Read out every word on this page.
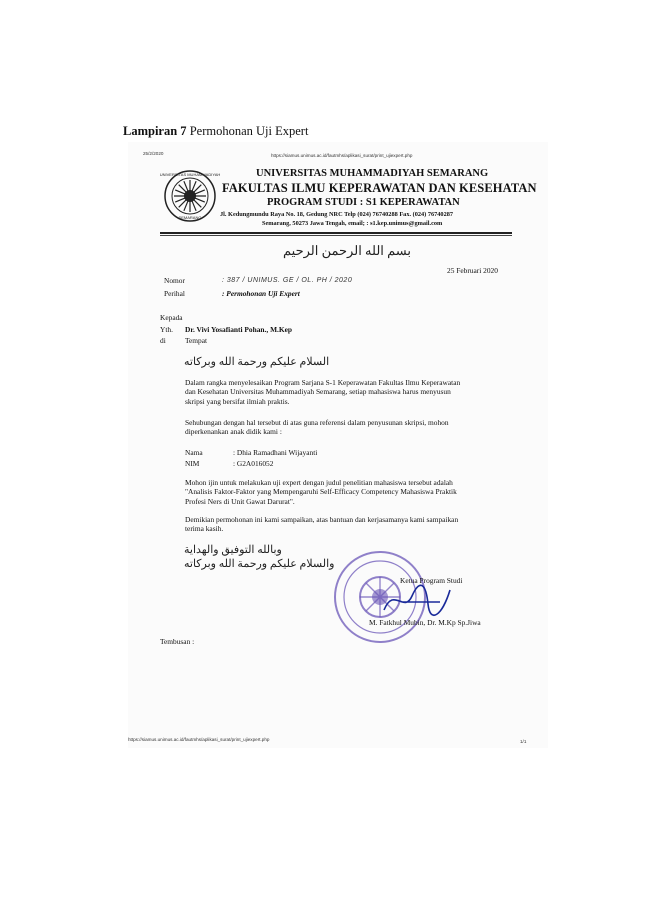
Lampiran 7 Permohonan Uji Expert
25/2/2020	https://siamus.unimus.ac.id/fautmhs/aplikasi_surat/print_ujiexpert.php
UNIVERSITAS MUHAMMADIYAH
SEMARANG
UNIVERSITAS MUHAMMADIYAH SEMARANG
FAKULTAS ILMU KEPERAWATAN DAN KESEHATAN
PROGRAM STUDI : S1 KEPERAWATAN
Jl. Kedungmundu Raya No. 18, Gedung NRC Telp (024) 76740288 Fax. (024) 76740287
Semarang, 50273 Jawa Tengah, email; : s1.kep.unimus@gmail.com
بسم الله الرحمن الرحيم
25 Februari 2020
Nomor	: 387 / UNIMUS. GE / OL. PH / 2020
Perihal	: Permohonan Uji Expert
Kepada
Yth. Dr. Vivi Yosafianti Pohan., M.Kep
di	Tempat
السلام عليكم ورحمة الله وبركاته
Dalam rangka menyelesaikan Program Sarjana S-1 Keperawatan Fakultas Ilmu Keperawatan
dan Kesehatan Universitas Muhammadiyah Semarang, setiap mahasiswa harus menyusun
skripsi yang bersifat ilmiah praktis.
Sehubungan dengan hal tersebut di atas guna referensi dalam penyusunan skripsi, mohon
diperkenankan anak didik kami :
Nama	: Dhia Ramadhani Wijayanti
NIM	: G2A016052
Mohon ijin untuk melakukan uji expert dengan judul penelitian mahasiswa tersebut adalah
"Analisis Faktor-Faktor yang Mempengaruhi Self-Efficacy Competency Mahasiswa Praktik
Profesi Ners di Unit Gawat Darurat".
Demikian permohonan ini kami sampaikan, atas bantuan dan kerjasamanya kami sampaikan
terima kasih.
وبالله التوفيق والهداية
والسلام عليكم ورحمة الله وبركاته
Ketua Program Studi
M. Fatkhul Mubin, Dr. M.Kp Sp.Jiwa
Tembusan :
https://siamus.unimus.ac.id/fautmhs/aplikasi_surat/print_ujiexpert.php	1/1
